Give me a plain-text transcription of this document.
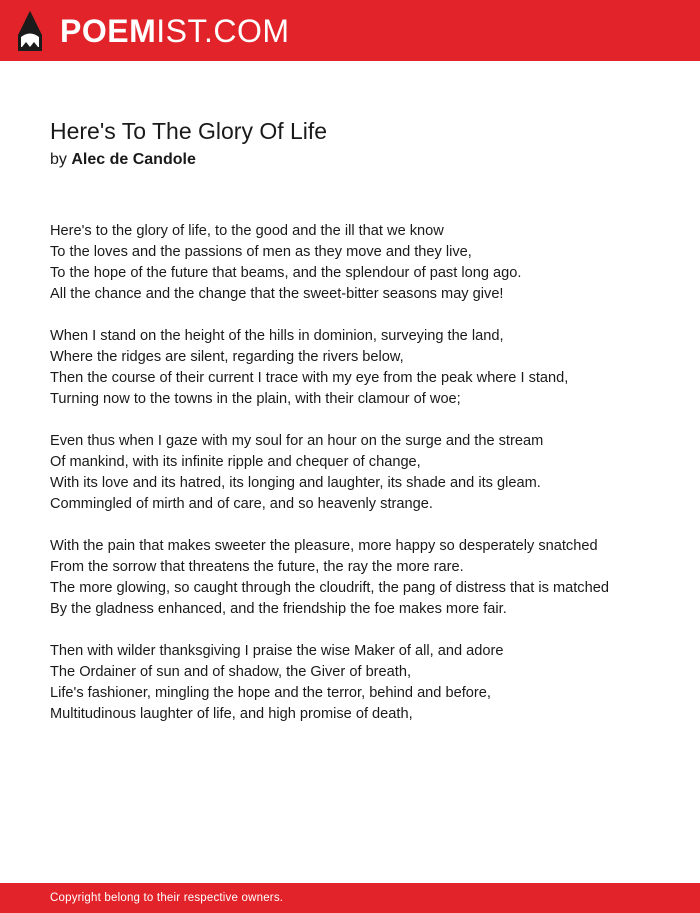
POEMIST.COM
Here's To The Glory Of Life
by Alec de Candole

Here's to the glory of life, to the good and the ill that we know
To the loves and the passions of men as they move and they live,
To the hope of the future that beams, and the splendour of past long ago.
All the chance and the change that the sweet-bitter seasons may give!

When I stand on the height of the hills in dominion, surveying the land,
Where the ridges are silent, regarding the rivers below,
Then the course of their current I trace with my eye from the peak where I stand,
Turning now to the towns in the plain, with their clamour of woe;

Even thus when I gaze with my soul for an hour on the surge and the stream
Of mankind, with its infinite ripple and chequer of change,
With its love and its hatred, its longing and laughter, its shade and its gleam.
Commingled of mirth and of care, and so heavenly strange.

With the pain that makes sweeter the pleasure, more happy so desperately snatched
From the sorrow that threatens the future, the ray the more rare.
The more glowing, so caught through the cloudrift, the pang of distress that is matched
By the gladness enhanced, and the friendship the foe makes more fair.

Then with wilder thanksgiving I praise the wise Maker of all, and adore
The Ordainer of sun and of shadow, the Giver of breath,
Life's fashioner, mingling the hope and the terror, behind and before,
Multitudinous laughter of life, and high promise of death,

Copyright belong to their respective owners.
